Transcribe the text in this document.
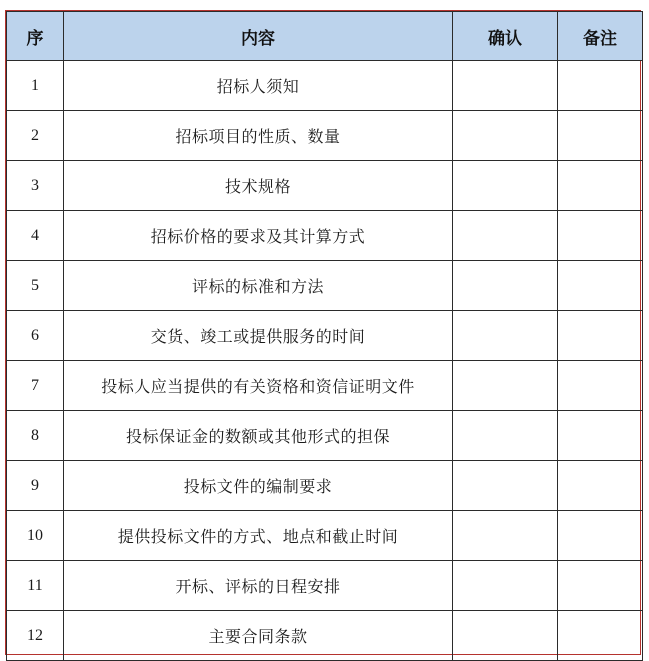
序	内容	确认	备注
1	招标人须知		
2	招标项目的性质、数量		
3	技术规格		
4	招标价格的要求及其计算方式		
5	评标的标准和方法		
6	交货、竣工或提供服务的时间		
7	投标人应当提供的有关资格和资信证明文件		
8	投标保证金的数额或其他形式的担保		
9	投标文件的编制要求		
10	提供投标文件的方式、地点和截止时间		
11	开标、评标的日程安排		
12	主要合同条款		
